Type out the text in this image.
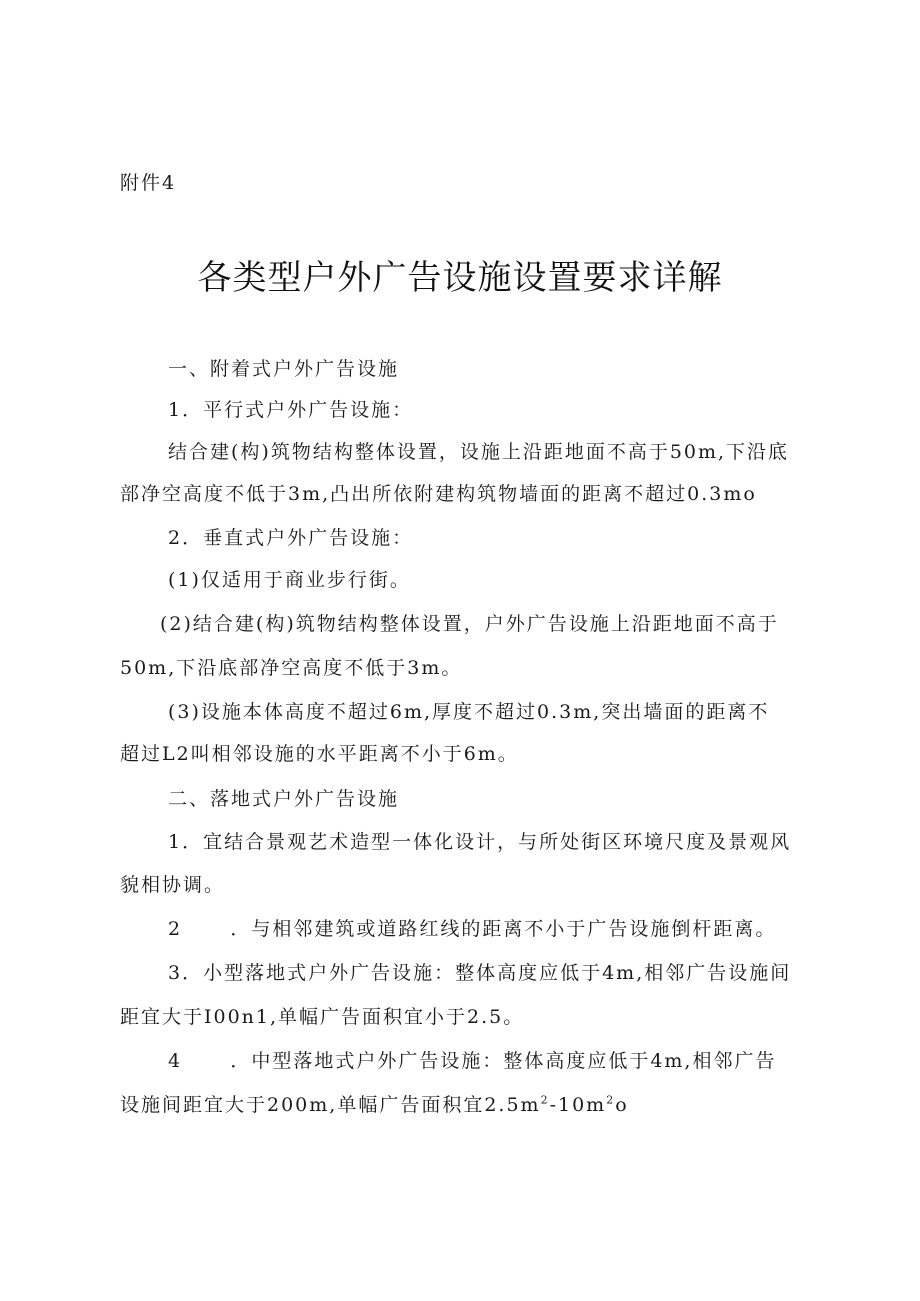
附件4
各类型户外广告设施设置要求详解
一、附着式户外广告设施
1．平行式户外广告设施：
结合建(构)筑物结构整体设置，设施上沿距地面不高于50m,下沿底
部净空高度不低于3m,凸出所依附建构筑物墙面的距离不超过0.3mo
2．垂直式户外广告设施：
(1)仅适用于商业步行街。
(2)结合建(构)筑物结构整体设置，户外广告设施上沿距地面不高于
50m,下沿底部净空高度不低于3m。
(3)设施本体高度不超过6m,厚度不超过0.3m,突出墙面的距离不
超过L2叫相邻设施的水平距离不小于6m。
二、落地式户外广告设施
1．宜结合景观艺术造型一体化设计，与所处街区环境尺度及景观风
貌相协调。
2      ．与相邻建筑或道路红线的距离不小于广告设施倒杆距离。
3．小型落地式户外广告设施：整体高度应低于4m,相邻广告设施间
距宜大于I00n1,单幅广告面积宜小于2.5。
4      ．中型落地式户外广告设施：整体高度应低于4m,相邻广告
设施间距宜大于200m,单幅广告面积宜$2.5m^2-10m^2o$
